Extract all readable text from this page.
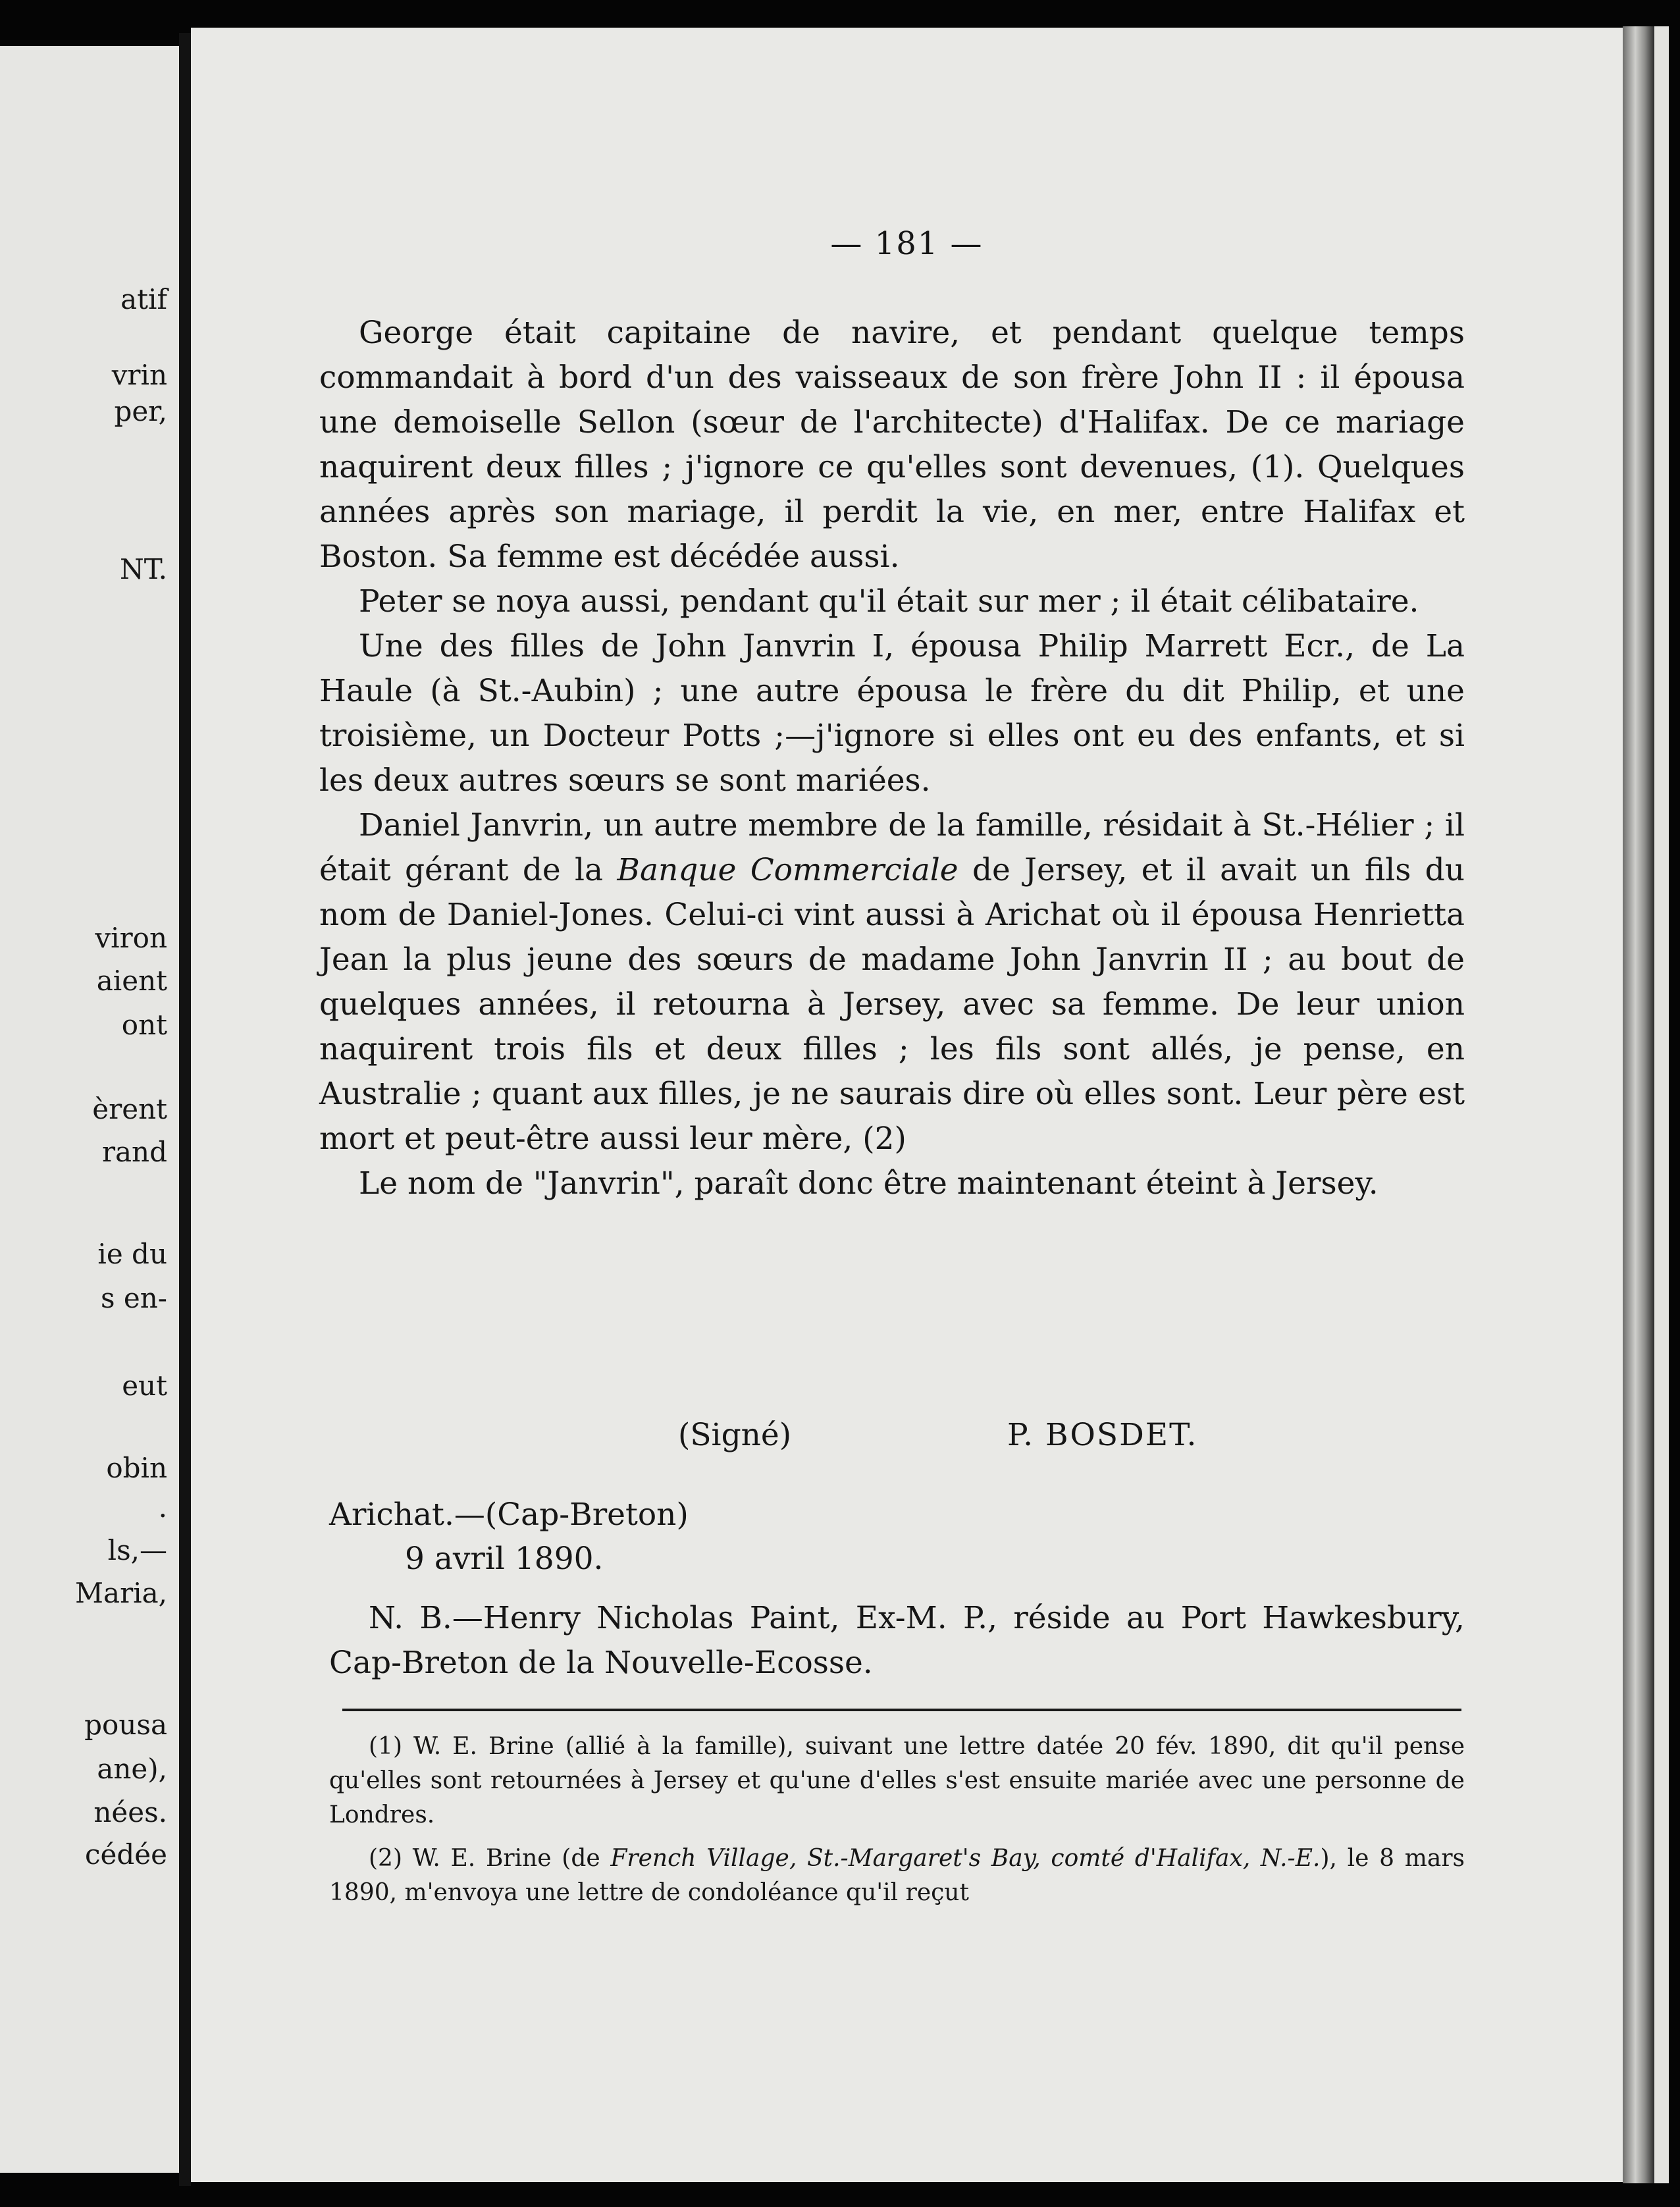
atif
vrin
per,
NT.
viron
aient
ont
èrent
rand
ie du
s en-
eut
obin
.
ls,—
Maria,
pousa
ane),
nées.
cédée
— 181 —

George était capitaine de navire, et pendant quelque temps commandait à bord d'un des vaisseaux de son frère John II : il épousa une demoiselle Sellon (sœur de l'architecte) d'Halifax. De ce mariage naquirent deux filles ; j'ignore ce qu'elles sont devenues, (1). Quelques années après son mariage, il perdit la vie, en mer, entre Halifax et Boston. Sa femme est décédée aussi.

Peter se noya aussi, pendant qu'il était sur mer ; il était célibataire.

Une des filles de John Janvrin I, épousa Philip Marrett Ecr., de La Haule (à St.-Aubin) ; une autre épousa le frère du dit Philip, et une troisième, un Docteur Potts ;—j'ignore si elles ont eu des enfants, et si les deux autres sœurs se sont mariées.

Daniel Janvrin, un autre membre de la famille, résidait à St.-Hélier ; il était gérant de la Banque Commerciale de Jersey, et il avait un fils du nom de Daniel-Jones. Celui-ci vint aussi à Arichat où il épousa Henrietta Jean la plus jeune des sœurs de madame John Janvrin II ; au bout de quelques années, il retourna à Jersey, avec sa femme. De leur union naquirent trois fils et deux filles ; les fils sont allés, je pense, en Australie ; quant aux filles, je ne saurais dire où elles sont. Leur père est mort et peut-être aussi leur mère, (2)

Le nom de "Janvrin", paraît donc être maintenant éteint à Jersey.

(Signé)	P. BOSDET.
Arichat.—(Cap-Breton)
9 avril 1890.

N. B.—Henry Nicholas Paint, Ex-M. P., réside au Port Hawkesbury, Cap-Breton de la Nouvelle-Ecosse.

(1) W. E. Brine (allié à la famille), suivant une lettre datée 20 fév. 1890, dit qu'il pense qu'elles sont retournées à Jersey et qu'une d'elles s'est ensuite mariée avec une personne de Londres.

(2) W. E. Brine (de French Village, St.-Margaret's Bay, comté d'Halifax, N.-E.), le 8 mars 1890, m'envoya une lettre de condoléance qu'il reçut
